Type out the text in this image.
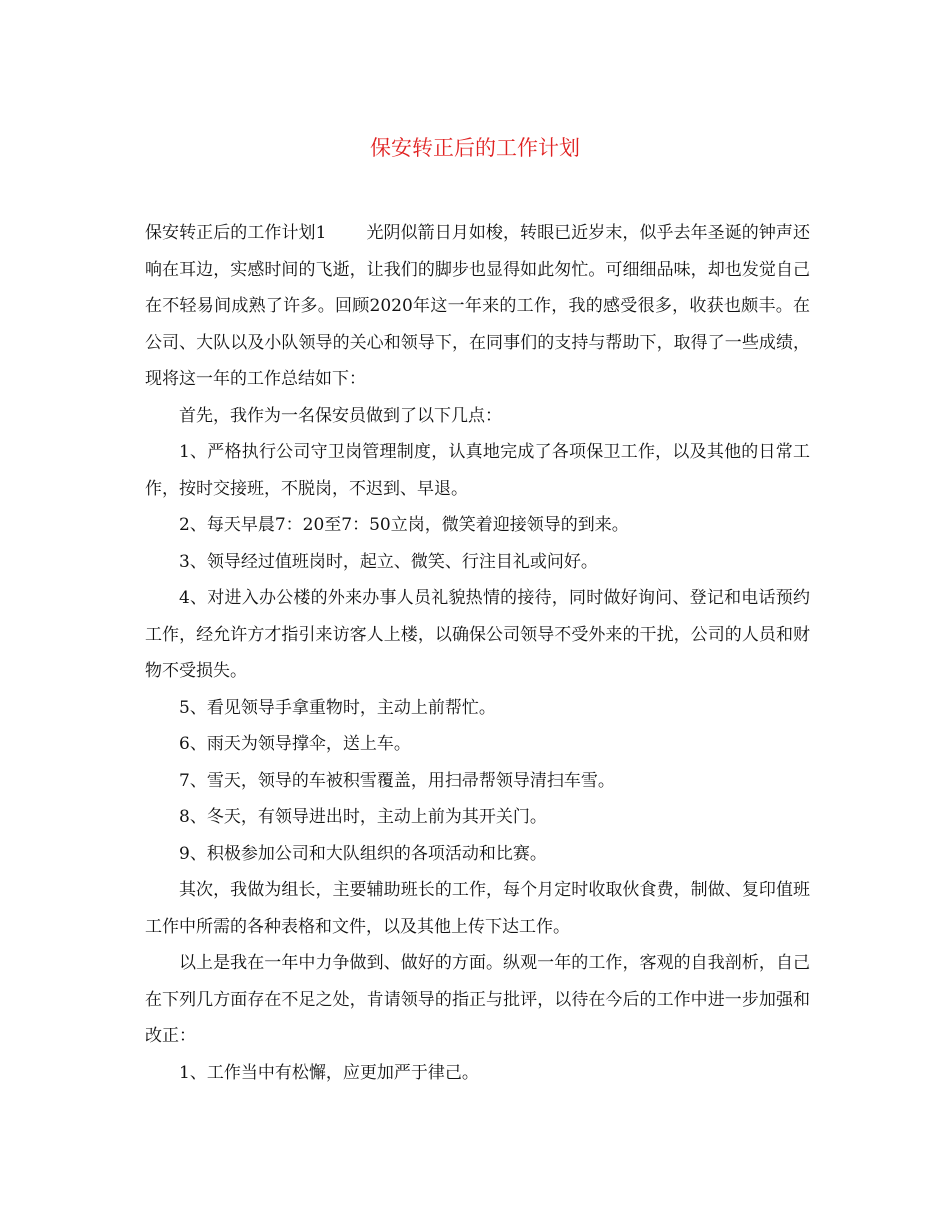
保安转正后的工作计划

保安转正后的工作计划1 光阴似箭日月如梭，转眼已近岁末，似乎去年圣诞的钟声还响在耳边，实感时间的飞逝，让我们的脚步也显得如此匆忙。可细细品味，却也发觉自己在不轻易间成熟了许多。回顾2020年这一年来的工作，我的感受很多，收获也颇丰。在公司、大队以及小队领导的关心和领导下，在同事们的支持与帮助下，取得了一些成绩，现将这一年的工作总结如下：

首先，我作为一名保安员做到了以下几点：

1、严格执行公司守卫岗管理制度，认真地完成了各项保卫工作，以及其他的日常工作，按时交接班，不脱岗，不迟到、早退。

2、每天早晨7：20至7：50立岗，微笑着迎接领导的到来。

3、领导经过值班岗时，起立、微笑、行注目礼或问好。

4、对进入办公楼的外来办事人员礼貌热情的接待，同时做好询问、登记和电话预约工作，经允许方才指引来访客人上楼，以确保公司领导不受外来的干扰，公司的人员和财物不受损失。

5、看见领导手拿重物时，主动上前帮忙。

6、雨天为领导撑伞，送上车。

7、雪天，领导的车被积雪覆盖，用扫帚帮领导清扫车雪。

8、冬天，有领导进出时，主动上前为其开关门。

9、积极参加公司和大队组织的各项活动和比赛。

其次，我做为组长，主要辅助班长的工作，每个月定时收取伙食费，制做、复印值班工作中所需的各种表格和文件，以及其他上传下达工作。

以上是我在一年中力争做到、做好的方面。纵观一年的工作，客观的自我剖析，自己在下列几方面存在不足之处，肯请领导的指正与批评，以待在今后的工作中进一步加强和改正：

1、工作当中有松懈，应更加严于律己。
